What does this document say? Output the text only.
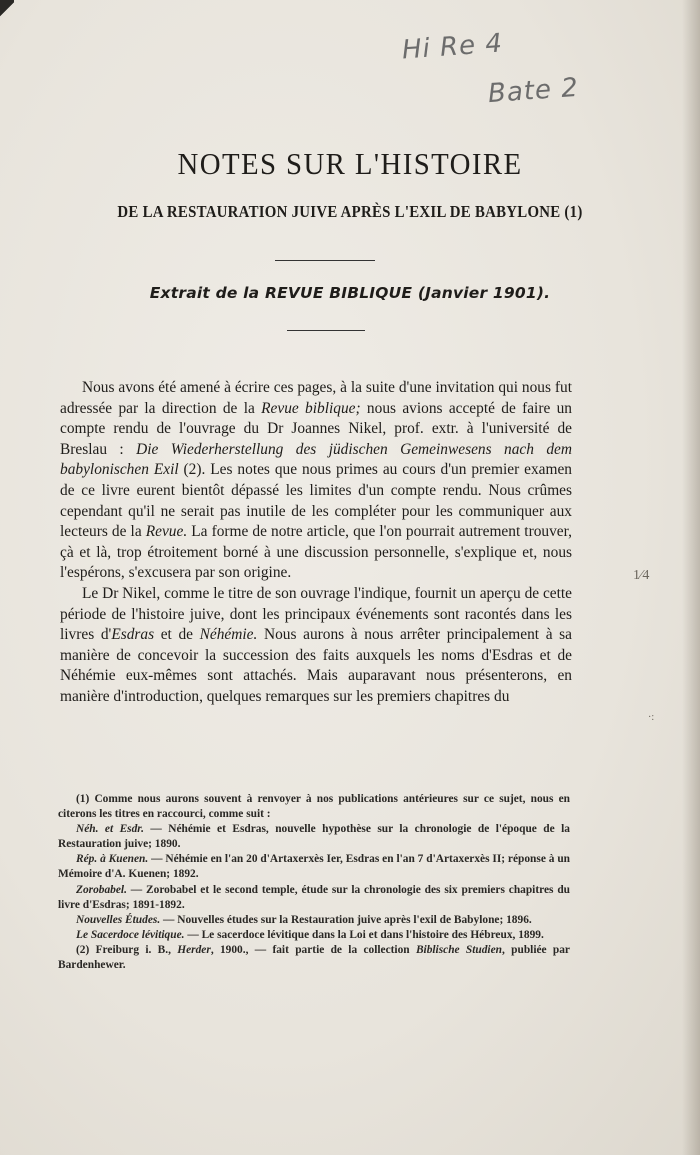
Hi Re 4
Bate 2
NOTES SUR L'HISTOIRE
DE LA RESTAURATION JUIVE APRÈS L'EXIL DE BABYLONE (1)
Extrait de la REVUE BIBLIQUE (Janvier 1901).

Nous avons été amené à écrire ces pages, à la suite d'une invitation qui nous fut adressée par la direction de la Revue biblique; nous avions accepté de faire un compte rendu de l'ouvrage du Dr Joannes Nikel, prof. extr. à l'université de Breslau : Die Wiederherstellung des jüdischen Gemeinwesens nach dem babylonischen Exil (2). Les notes que nous primes au cours d'un premier examen de ce livre eurent bientôt dépassé les limites d'un compte rendu. Nous crûmes cependant qu'il ne serait pas inutile de les compléter pour les communiquer aux lecteurs de la Revue. La forme de notre article, que l'on pourrait autrement trouver, çà et là, trop étroitement borné à une discussion personnelle, s'explique et, nous l'espérons, s'excusera par son origine.

Le Dr Nikel, comme le titre de son ouvrage l'indique, fournit un aperçu de cette période de l'histoire juive, dont les principaux événements sont racontés dans les livres d'Esdras et de Néhémie. Nous aurons à nous arrêter principalement à sa manière de concevoir la succession des faits auxquels les noms d'Esdras et de Néhémie eux-mêmes sont attachés. Mais auparavant nous présenterons, en manière d'introduction, quelques remarques sur les premiers chapitres du

(1) Comme nous aurons souvent à renvoyer à nos publications antérieures sur ce sujet, nous en citerons les titres en raccourci, comme suit :

Néh. et Esdr. — Néhémie et Esdras, nouvelle hypothèse sur la chronologie de l'époque de la Restauration juive; 1890.

Rép. à Kuenen. — Néhémie en l'an 20 d'Artaxerxès Ier, Esdras en l'an 7 d'Artaxerxès II; réponse à un Mémoire d'A. Kuenen; 1892.

Zorobabel. — Zorobabel et le second temple, étude sur la chronologie des six premiers chapitres du livre d'Esdras; 1891-1892.

Nouvelles Études. — Nouvelles études sur la Restauration juive après l'exil de Babylone; 1896.

Le Sacerdoce lévitique. — Le sacerdoce lévitique dans la Loi et dans l'histoire des Hébreux, 1899.

(2) Freiburg i. B., Herder, 1900., — fait partie de la collection Biblische Studien, publiée par Bardenhewer.

1⁄4
·:
